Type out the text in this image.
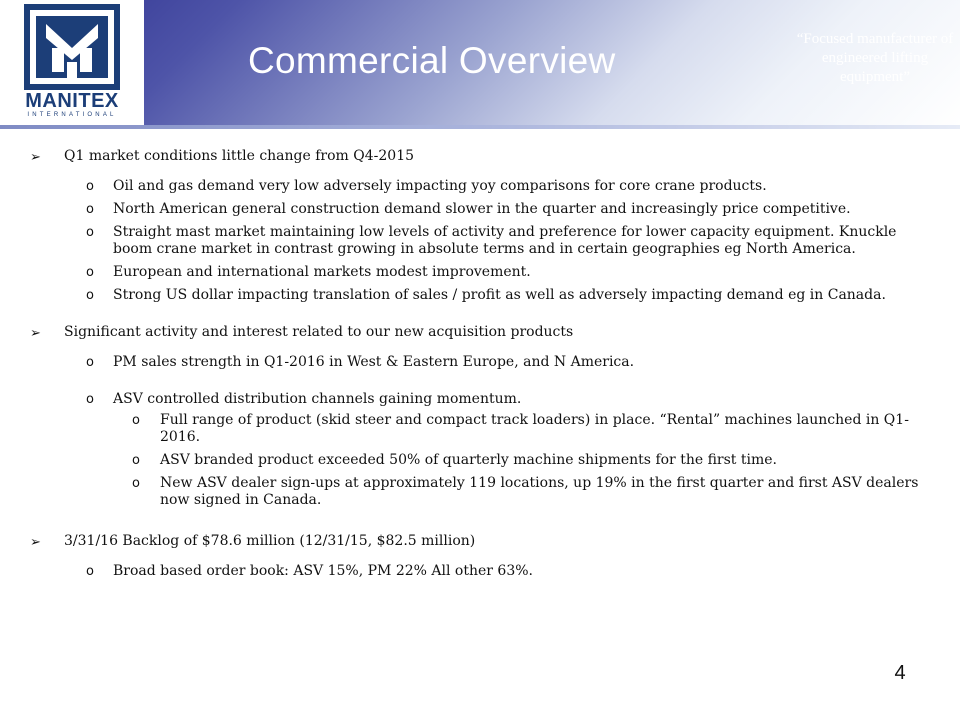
MANITEX
INTERNATIONAL
Commercial Overview
“Focused manufacturer of engineered lifting equipment”
➢ Q1 market conditions little change from Q4-2015
o Oil and gas demand very low adversely impacting yoy comparisons for core crane products.
o North American general construction demand slower in the quarter and increasingly price competitive.
o Straight mast market maintaining low levels of activity and preference for lower capacity equipment. Knuckle boom crane market in contrast growing in absolute terms and in certain geographies eg North America.
o European and international markets modest improvement.
o Strong US dollar impacting translation of sales / profit as well as adversely impacting demand eg in Canada.
➢ Significant activity and interest related to our new acquisition products
o PM sales strength in Q1-2016 in West & Eastern Europe, and N America.
o ASV controlled distribution channels gaining momentum.
o Full range of product (skid steer and compact track loaders) in place. “Rental” machines launched in Q1-2016.
o ASV branded product exceeded 50% of quarterly machine shipments for the first time.
o New ASV dealer sign-ups at approximately 119 locations, up 19% in the first quarter and first ASV dealers now signed in Canada.
➢ 3/31/16 Backlog of $78.6 million (12/31/15, $82.5 million)
o Broad based order book: ASV 15%, PM 22% All other 63%.
4
